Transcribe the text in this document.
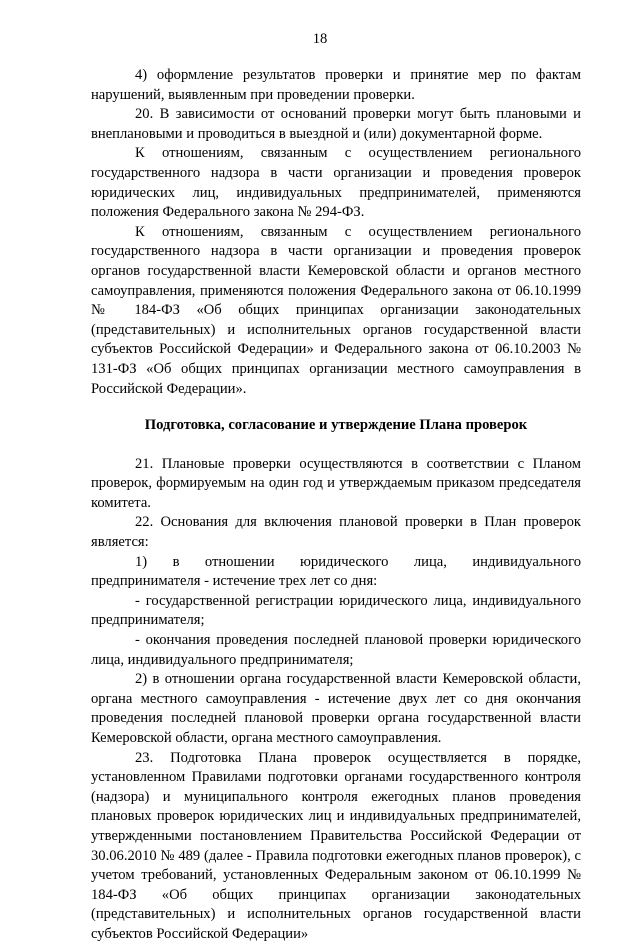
18

4) оформление результатов проверки и принятие мер по фактам нарушений, выявленным при проведении проверки.

20. В зависимости от оснований проверки могут быть плановыми и внеплановыми и проводиться в выездной и (или) документарной форме.

К отношениям, связанным с осуществлением регионального государственного надзора в части организации и проведения проверок юридических лиц, индивидуальных предпринимателей, применяются положения Федерального закона № 294-ФЗ.

К отношениям, связанным с осуществлением регионального государственного надзора в части организации и проведения проверок органов государственной власти Кемеровской области и органов местного самоуправления, применяются положения Федерального закона от 06.10.1999 № 184-ФЗ «Об общих принципах организации законодательных (представительных) и исполнительных органов государственной власти субъектов Российской Федерации» и Федерального закона от 06.10.2003 № 131-ФЗ «Об общих принципах организации местного самоуправления в Российской Федерации».

Подготовка, согласование и утверждение Плана проверок

21. Плановые проверки осуществляются в соответствии с Планом проверок, формируемым на один год и утверждаемым приказом председателя комитета.

22. Основания для включения плановой проверки в План проверок является:

1) в отношении юридического лица, индивидуального предпринимателя - истечение трех лет со дня:

- государственной регистрации юридического лица, индивидуального предпринимателя;

- окончания проведения последней плановой проверки юридического лица, индивидуального предпринимателя;

2) в отношении органа государственной власти Кемеровской области, органа местного самоуправления - истечение двух лет со дня окончания проведения последней плановой проверки органа государственной власти Кемеровской области, органа местного самоуправления.

23. Подготовка Плана проверок осуществляется в порядке, установленном Правилами подготовки органами государственного контроля (надзора) и муниципального контроля ежегодных планов проведения плановых проверок юридических лиц и индивидуальных предпринимателей, утвержденными постановлением Правительства Российской Федерации от 30.06.2010 № 489 (далее - Правила подготовки ежегодных планов проверок), с учетом требований, установленных Федеральным законом от 06.10.1999 № 184-ФЗ «Об общих принципах организации законодательных (представительных) и исполнительных органов государственной власти субъектов Российской Федерации»
